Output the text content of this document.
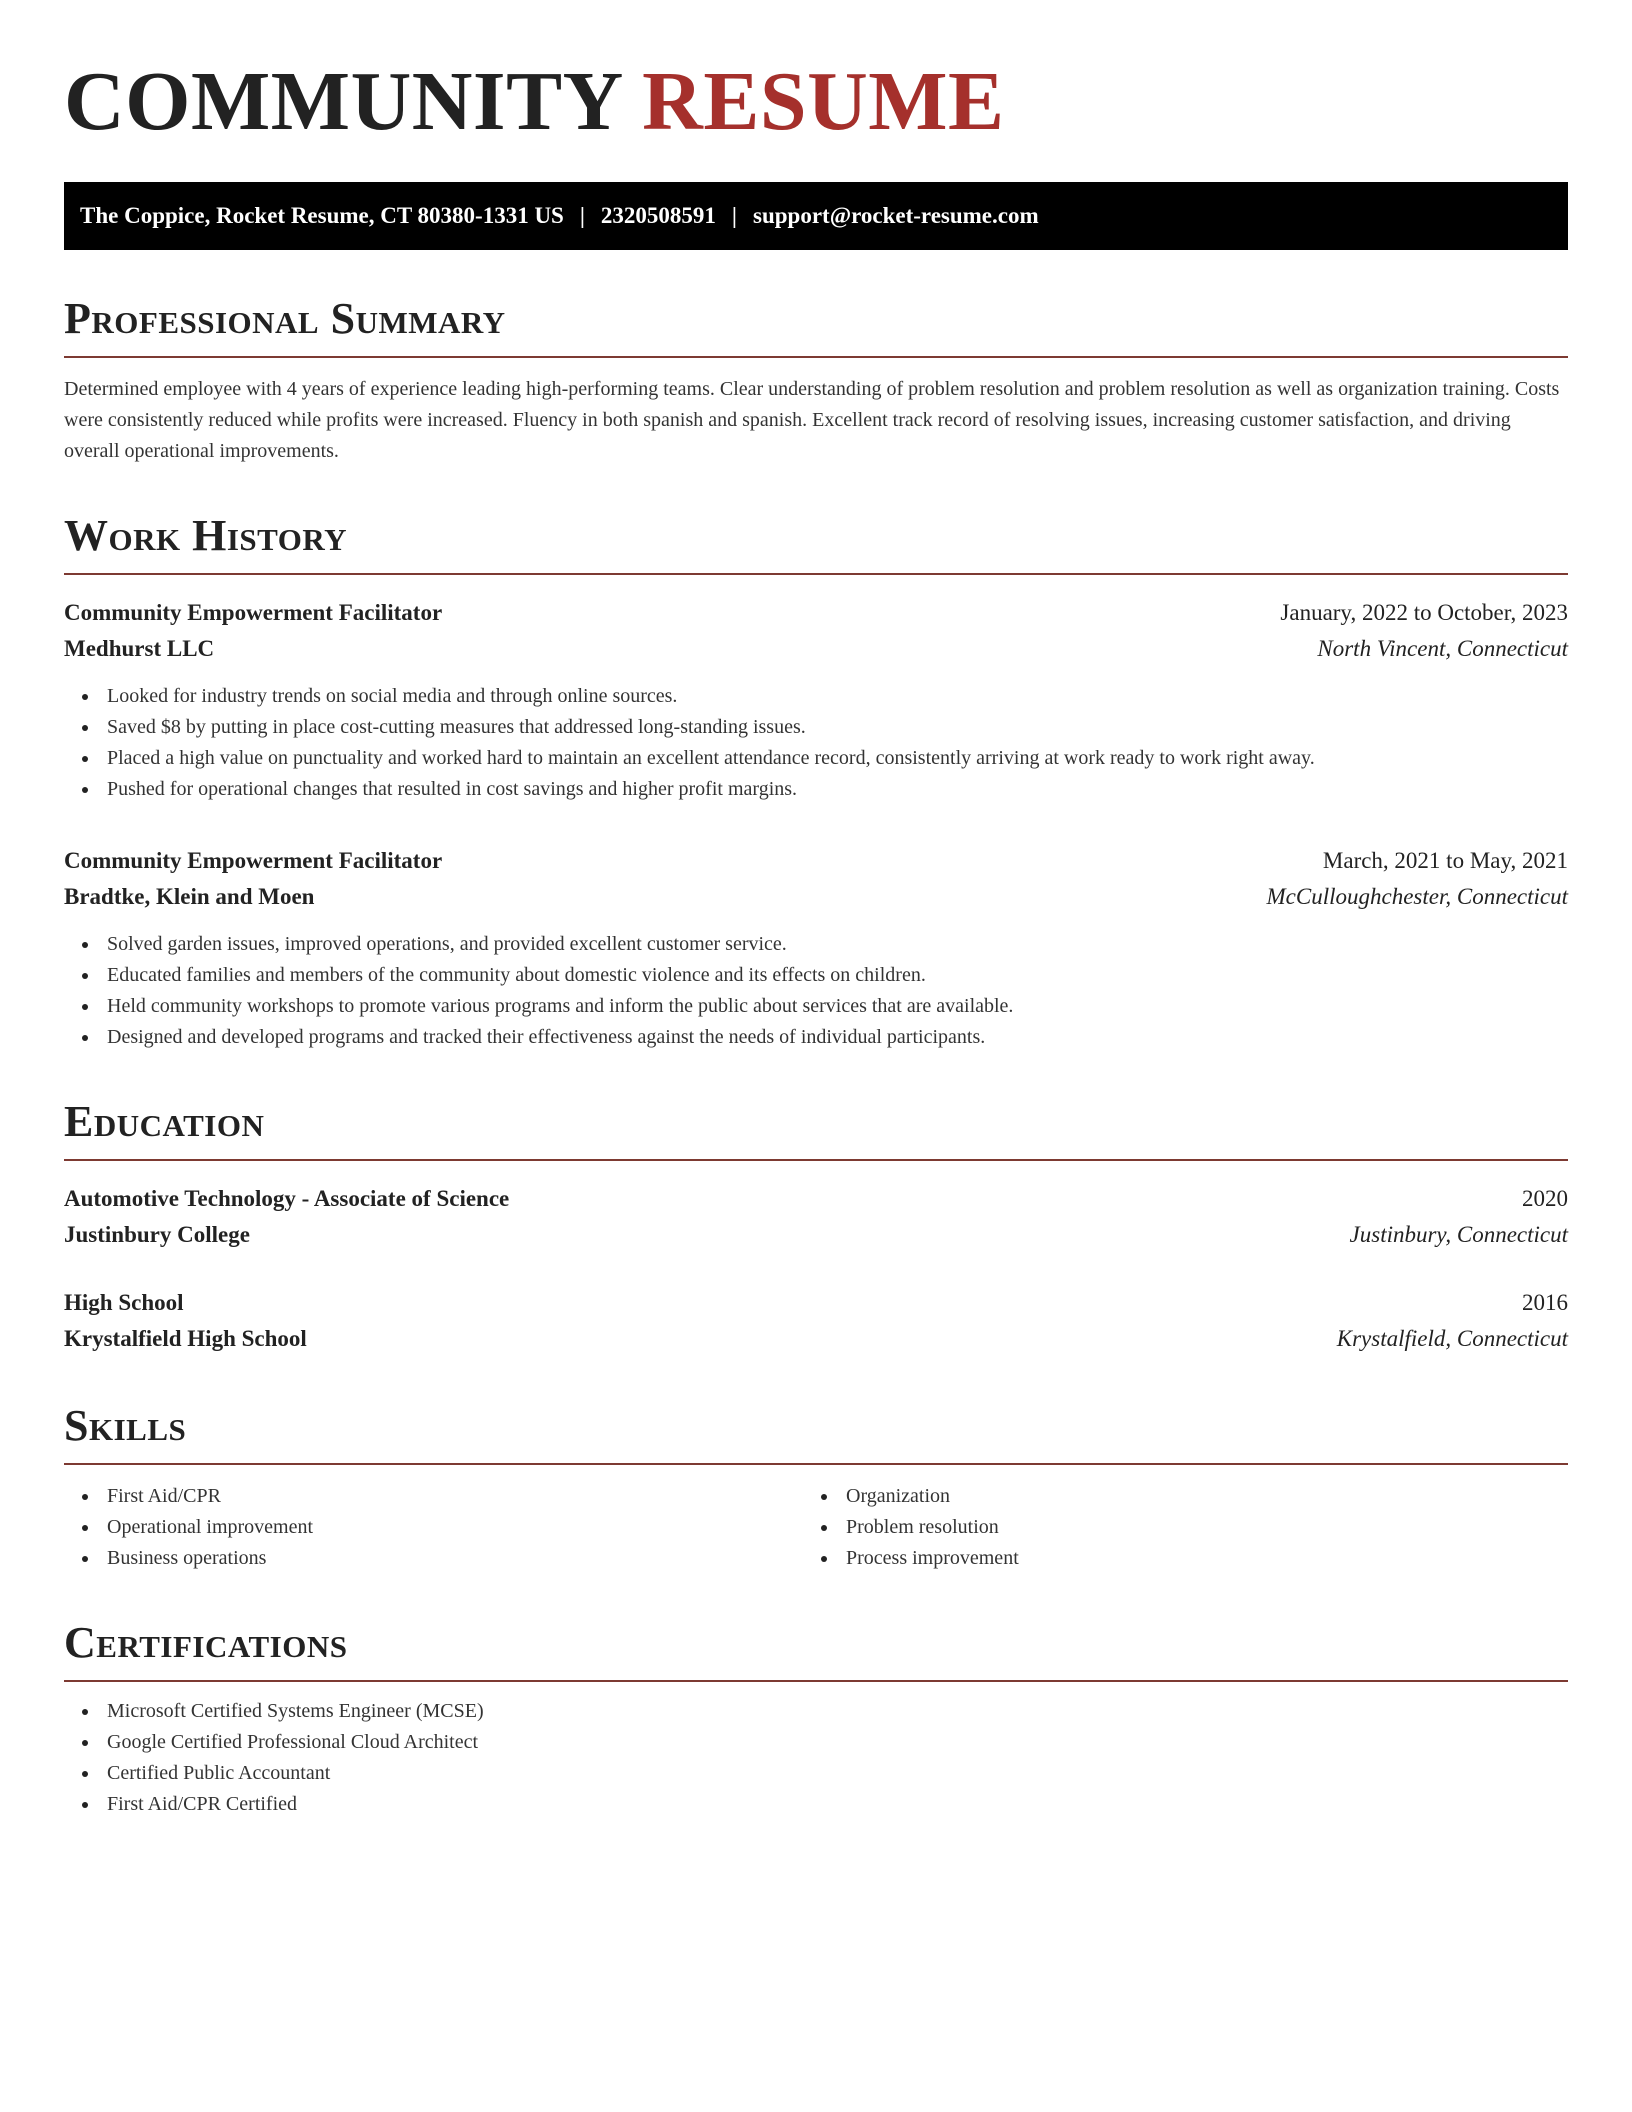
COMMUNITY RESUME
The Coppice, Rocket Resume, CT 80380-1331 US | 2320508591 | support@rocket-resume.com
Professional Summary

Determined employee with 4 years of experience leading high-performing teams. Clear understanding of problem resolution and problem resolution as well as organization training. Costs were consistently reduced while profits were increased. Fluency in both spanish and spanish. Excellent track record of resolving issues, increasing customer satisfaction, and driving overall operational improvements.

Work History
Community Empowerment Facilitator	January, 2022 to October, 2023
Medhurst LLC	North Vincent, Connecticut
Looked for industry trends on social media and through online sources.
Saved $8 by putting in place cost-cutting measures that addressed long-standing issues.
Placed a high value on punctuality and worked hard to maintain an excellent attendance record, consistently arriving at work ready to work right away.
Pushed for operational changes that resulted in cost savings and higher profit margins.
Community Empowerment Facilitator	March, 2021 to May, 2021
Bradtke, Klein and Moen	McCulloughchester, Connecticut
Solved garden issues, improved operations, and provided excellent customer service.
Educated families and members of the community about domestic violence and its effects on children.
Held community workshops to promote various programs and inform the public about services that are available.
Designed and developed programs and tracked their effectiveness against the needs of individual participants.
Education
Automotive Technology - Associate of Science	2020
Justinbury College	Justinbury, Connecticut
High School	2016
Krystalfield High School	Krystalfield, Connecticut
Skills
First Aid/CPR
Operational improvement
Business operations
Organization
Problem resolution
Process improvement
Certifications
Microsoft Certified Systems Engineer (MCSE)
Google Certified Professional Cloud Architect
Certified Public Accountant
First Aid/CPR Certified
